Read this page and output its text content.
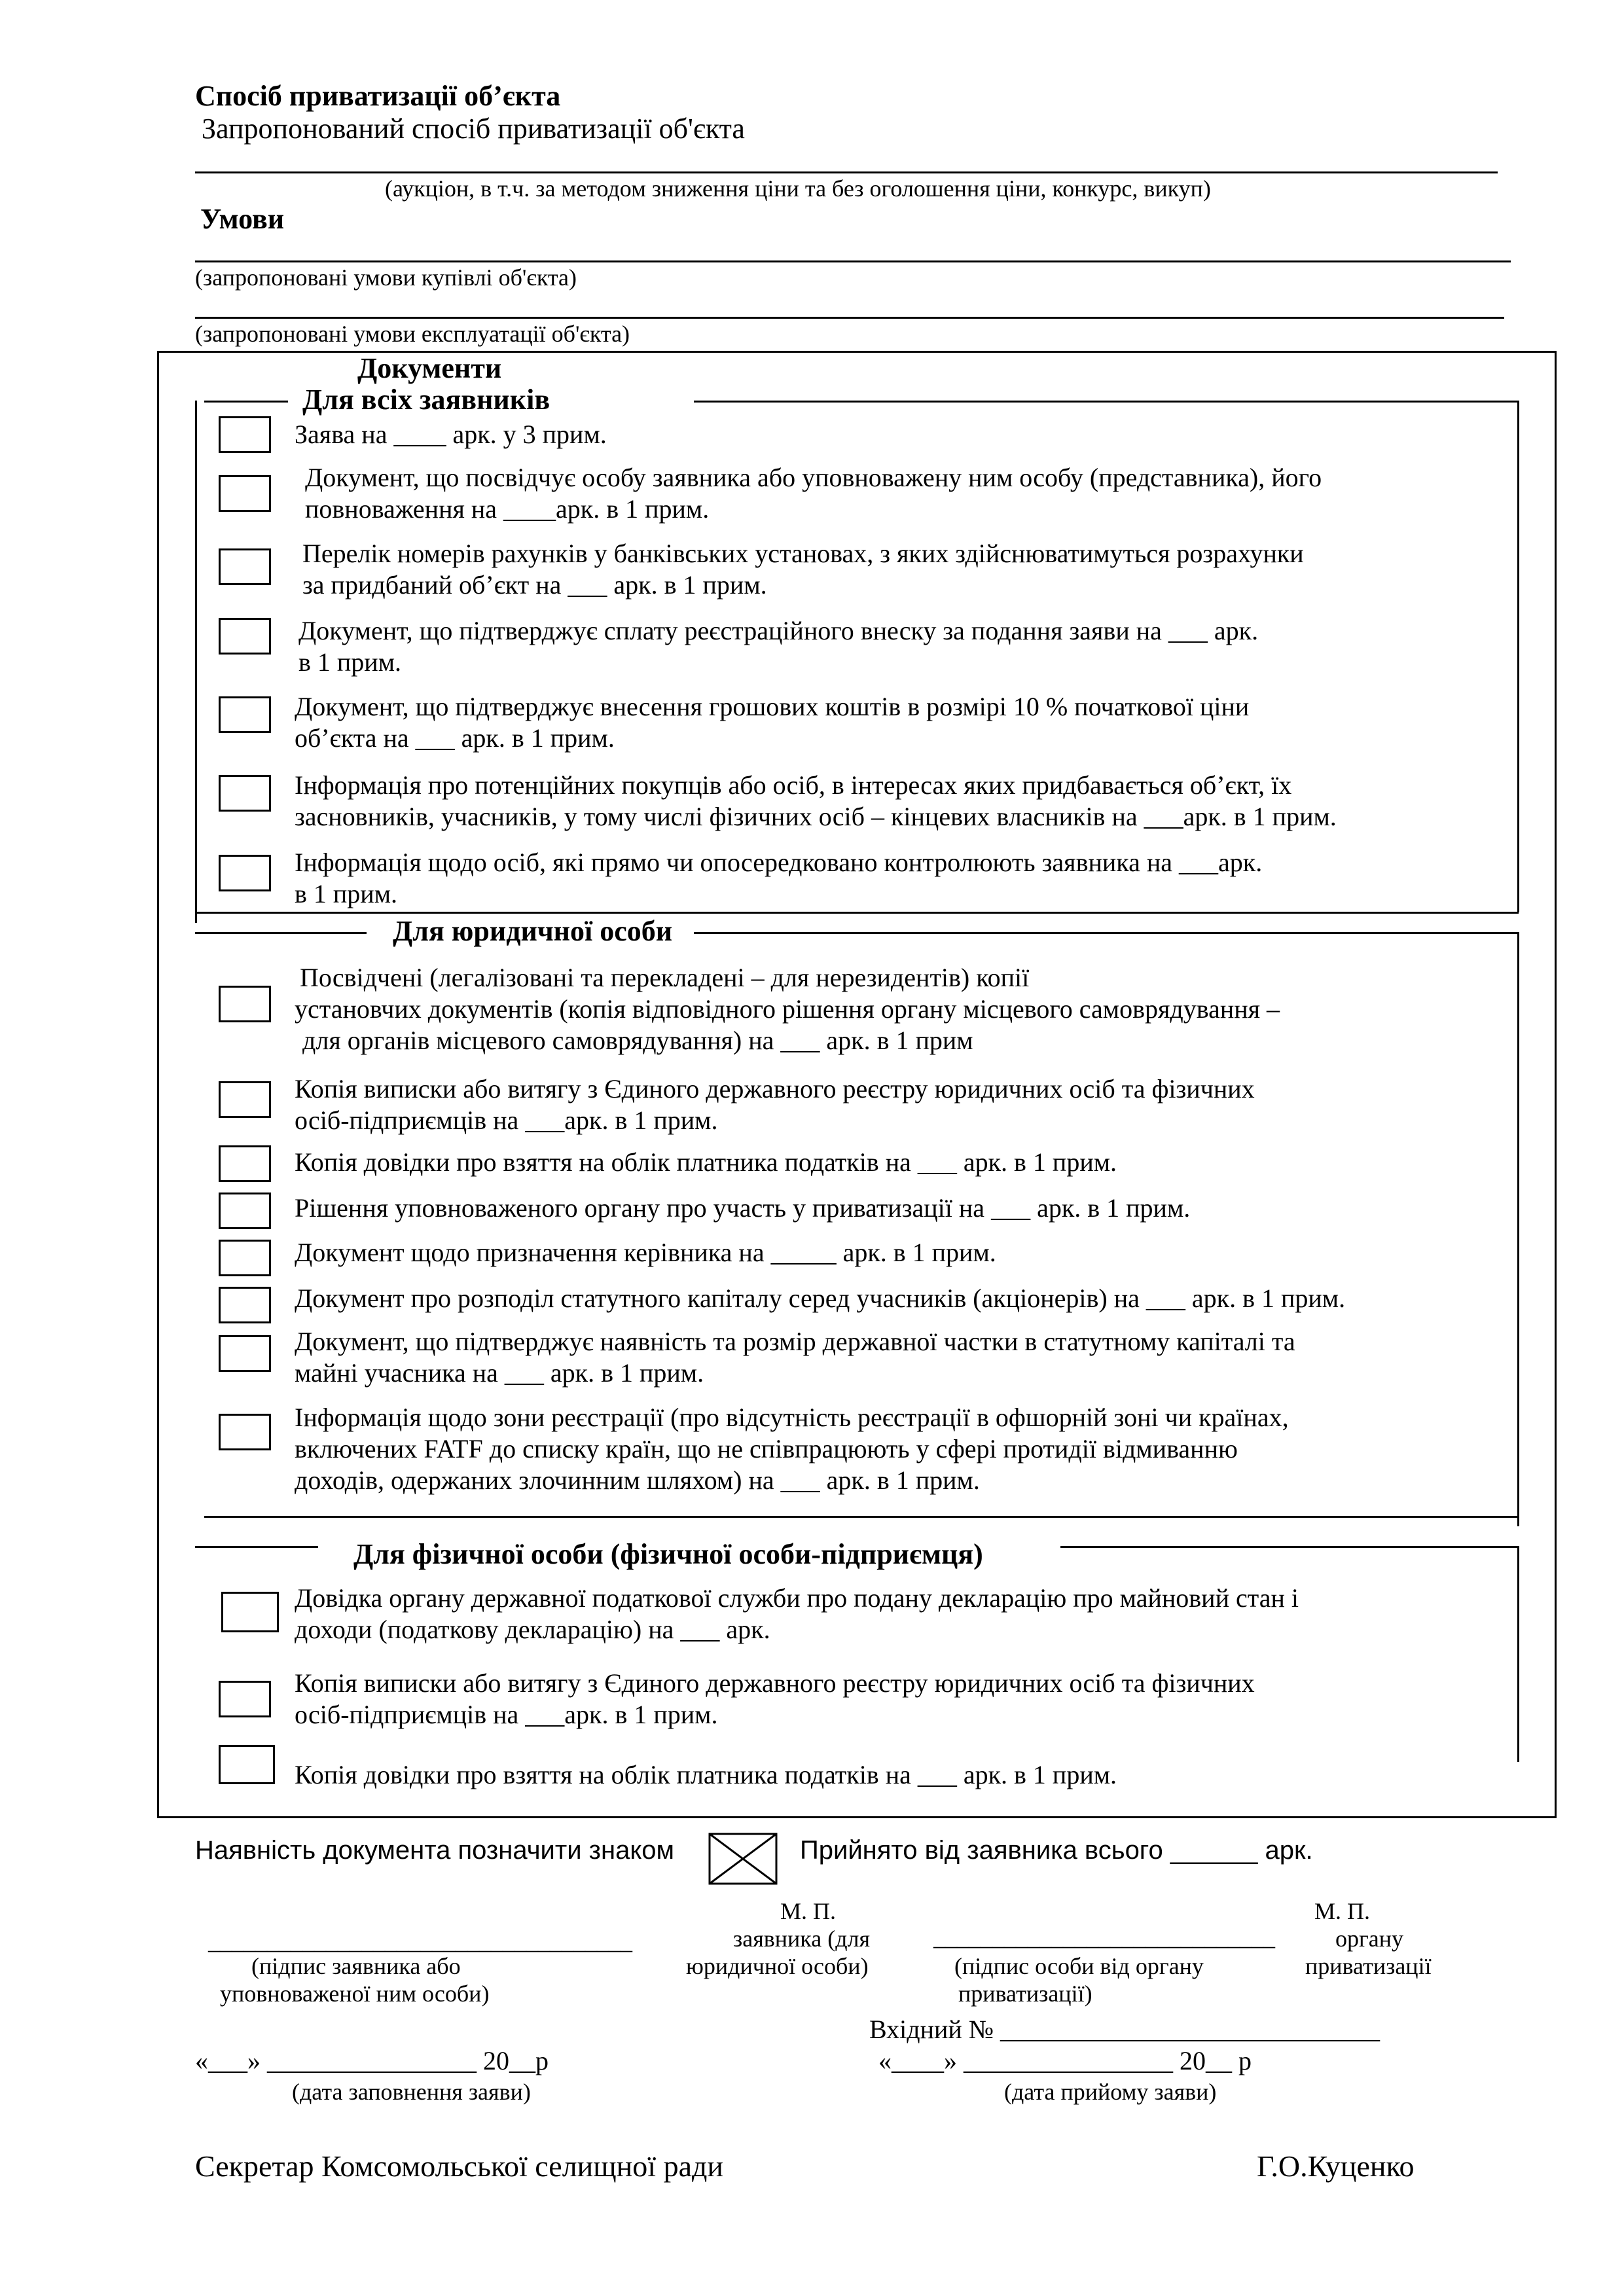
Спосіб приватизації об’єкта
Запропонований спосіб приватизації об'єкта
(аукціон, в т.ч. за методом зниження ціни та без оголошення ціни, конкурс, викуп)
Умови
(запропоновані умови купівлі об'єкта)
(запропоновані умови експлуатації об'єкта)
Документи
Для всіх заявників
Заява на ____ арк. у 3 прим.
Документ, що посвідчує особу заявника або уповноважену ним особу (представника), його
повноваження на ____арк. в 1 прим.
Перелік номерів рахунків у банківських установах, з яких здійснюватимуться розрахунки
за придбаний об’єкт на ___ арк. в 1 прим.
Документ, що підтверджує сплату реєстраційного внеску за подання заяви на ___ арк.
в 1 прим.
Документ, що підтверджує внесення грошових коштів в розмірі 10 % початкової ціни
об’єкта на ___ арк. в 1 прим.
Інформація про потенційних покупців або осіб, в інтересах яких придбавається об’єкт, їх
засновників, учасників, у тому числі фізичних осіб – кінцевих власників на ___арк. в 1 прим.
Інформація щодо осіб, які прямо чи опосередковано контролюють заявника на ___арк.
в 1 прим.
Для юридичної особи
Посвідчені (легалізовані та перекладені – для нерезидентів) копії
установчих документів (копія відповідного рішення органу місцевого самоврядування –
для органів місцевого самоврядування) на ___ арк. в 1 прим
Копія виписки або витягу з Єдиного державного реєстру юридичних осіб та фізичних
осіб-підприємців на ___арк. в 1 прим.
Копія довідки про взяття на облік платника податків на ___ арк. в 1 прим.
Рішення уповноваженого органу про участь у приватизації на ___ арк. в 1 прим.
Документ щодо призначення керівника на _____ арк. в 1 прим.
Документ про розподіл статутного капіталу серед учасників (акціонерів) на ___ арк. в 1 прим.
Документ, що підтверджує наявність та розмір державної частки в статутному капіталі та
майні учасника на ___ арк. в 1 прим.
Інформація щодо зони реєстрації (про відсутність реєстрації в офшорній зоні чи країнах,
включених FATF до списку країн, що не співпрацюють у сфері протидії відмиванню
доходів, одержаних злочинним шляхом) на ___ арк. в 1 прим.
Для фізичної особи (фізичної особи-підприємця)
Довідка органу державної податкової служби про подану декларацію про майновий стан і
доходи (податкову декларацію) на ___ арк.
Копія виписки або витягу з Єдиного державного реєстру юридичних осіб та фізичних
осіб-підприємців на ___арк. в 1 прим.
Копія довідки про взяття на облік платника податків на ___ арк. в 1 прим.
Наявність документа позначити знаком	Прийнято від заявника всього ______ арк.
М. П.
заявника (для
юридичної особи)
М. П.
органу
приватизації
____________________________________
(підпис заявника або
уповноваженої ним особи)
_____________________________
(підпис особи від органу
приватизації)
Вхідний № _____________________________
«___» ________________ 20__р
(дата заповнення заяви)
«____» ________________ 20__ р
(дата прийому заяви)
Секретар Комсомольської селищної ради	Г.О.Куценко
